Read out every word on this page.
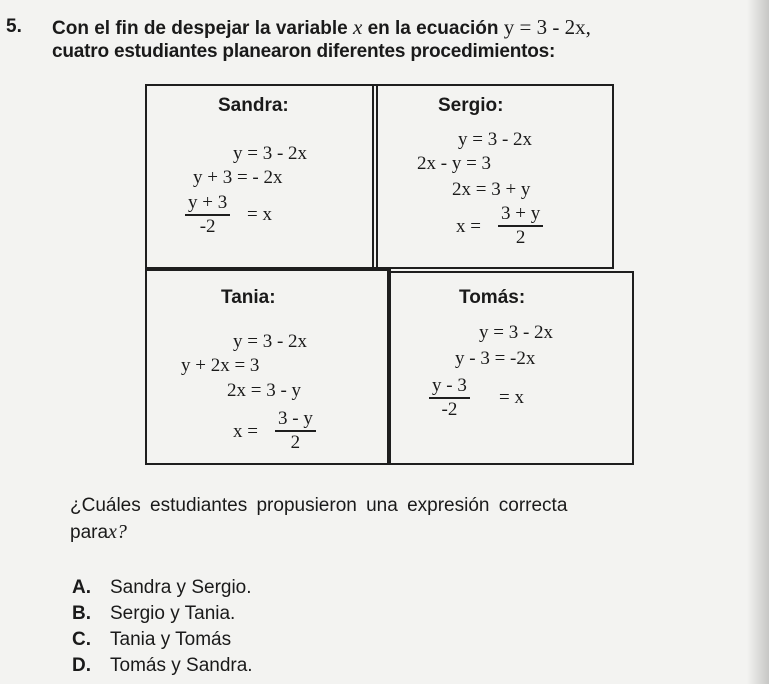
5. Con el fin de despejar la variable x en la ecuación y = 3 - 2x,
cuatro estudiantes planearon diferentes procedimientos:
Sandra:
y = 3 - 2x
y + 3 = - 2x
$\frac{y + 3}{-2} = x$
Sergio:
y = 3 - 2x
2x - y = 3
2x = 3 + y
$x = \frac{3 + y}{2}$
Tania:
y = 3 - 2x
y + 2x = 3
2x = 3 - y
$x = \frac{3 - y}{2}$
Tomás:
y = 3 - 2x
y - 3 = -2x
$\frac{y - 3}{-2} = x$
¿Cuáles estudiantes propusieron una expresión correcta
parax?
A. Sandra y Sergio.
B. Sergio y Tania.
C. Tania y Tomás
D. Tomás y Sandra.
